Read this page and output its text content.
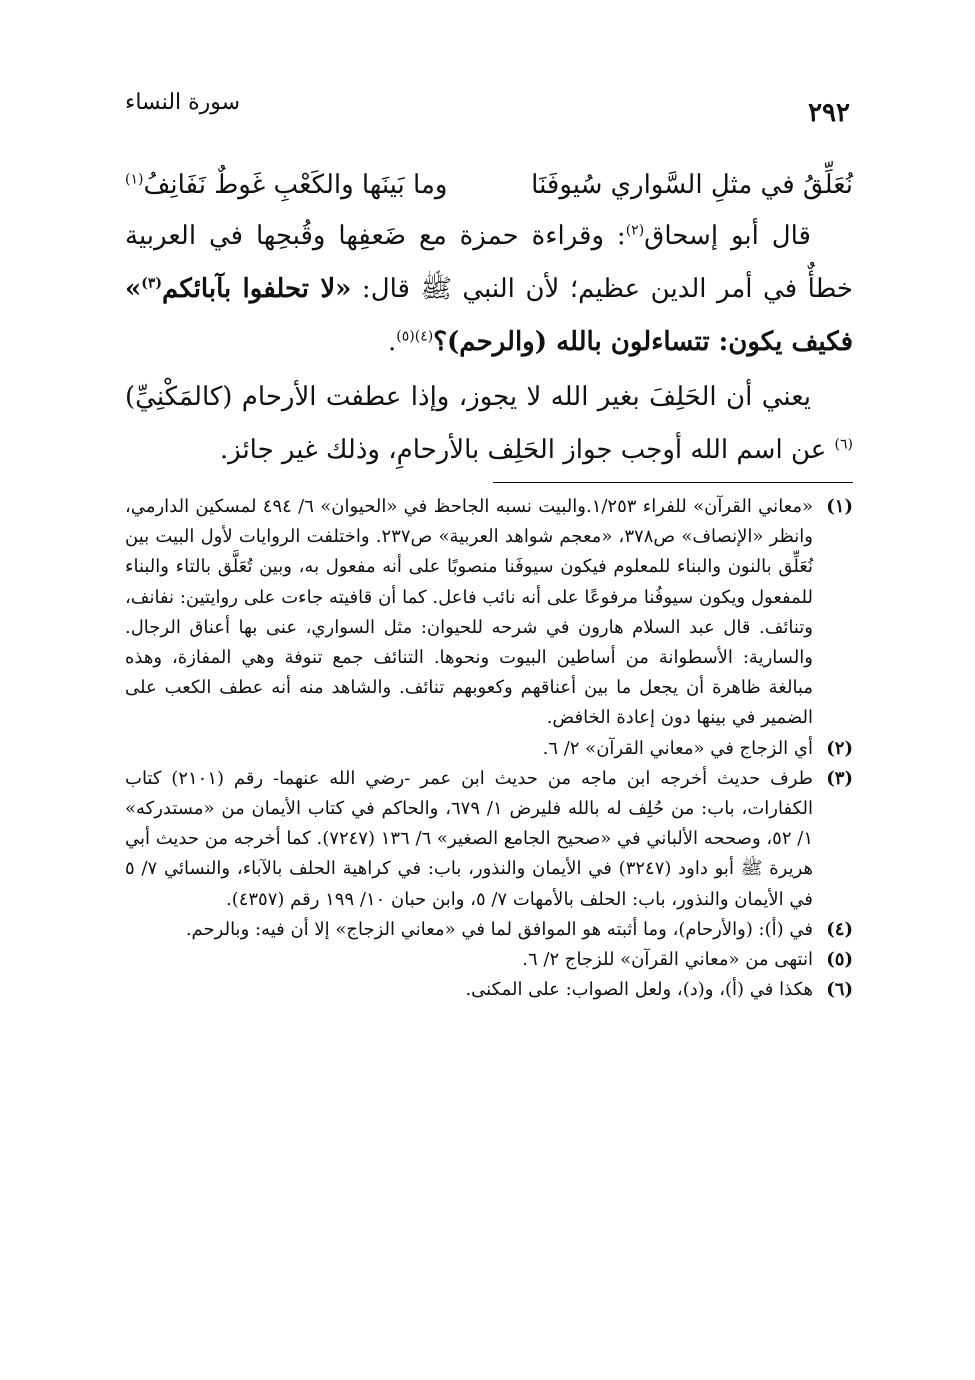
٢٩٢
سورة النساء
نُعَلِّقُ في مثلِ السَّواري سُيوفَنَا
وما بَينَها والكَعْبِ غَوطٌ نَفَانِفُ$^{(١)}$

قال أبو إسحاق$^{(٢)}$: وقراءة حمزة مع ضَعفِها وقُبحِها في العربية خطأٌ في أمر الدين عظيم؛ لأن النبي ﷺ قال: «لا تحلفوا بآبائكم$^{(٣)}$» فكيف يكون: تتساءلون بالله (والرحم)؟$^{(٤)(٥)}$.

يعني أن الحَلِفَ بغير الله لا يجوز، وإذا عطفت الأرحام (كالمَكْنِيِّ)$^{(٦)}$ عن اسم الله أوجب جواز الحَلِف بالأرحامِ، وذلك غير جائز.

(١)
«معاني القرآن» للفراء ١/٢٥٣.والبيت نسبه الجاحظ في «الحيوان» ٦/ ٤٩٤ لمسكين الدارمي، وانظر «الإنصاف» ص٣٧٨، «معجم شواهد العربية» ص٢٣٧. واختلفت الروايات لأول البيت بين نُعَلِّق بالنون والبناء للمعلوم فيكون سيوفَنا منصوبًا على أنه مفعول به، وبين تُعَلَّق بالتاء والبناء للمفعول ويكون سيوفُنا مرفوعًا على أنه نائب فاعل. كما أن قافيته جاءت على روايتين: نفانف، وتنائف. قال عبد السلام هارون في شرحه للحيوان: مثل السواري، عنى بها أعناق الرجال. والسارية: الأسطوانة من أساطين البيوت ونحوها. التنائف جمع تنوفة وهي المفازة، وهذه مبالغة ظاهرة أن يجعل ما بين أعناقهم وكعوبهم تنائف. والشاهد منه أنه عطف الكعب على الضمير في بينها دون إعادة الخافض.
(٢)
أي الزجاج في «معاني القرآن» ٢/ ٦.
(٣)
طرف حديث أخرجه ابن ماجه من حديث ابن عمر -رضي الله عنهما- رقم (٢١٠١) كتاب الكفارات، باب: من حُلِف له بالله فليرض ١/ ٦٧٩، والحاكم في كتاب الأيمان من «مستدركه» ١/ ٥٢، وصححه الألباني في «صحيح الجامع الصغير» ٦/ ١٣٦ (٧٢٤٧). كما أخرجه من حديث أبي هريرة ﷺ أبو داود (٣٢٤٧) في الأيمان والنذور، باب: في كراهية الحلف بالآباء، والنسائي ٧/ ٥ في الأيمان والنذور، باب: الحلف بالأمهات ٧/ ٥، وابن حبان ١٠/ ١٩٩ رقم (٤٣٥٧).
(٤)
في (أ): (والأرحام)، وما أثبته هو الموافق لما في «معاني الزجاج» إلا أن فيه: وبالرحم.
(٥)
انتهى من «معاني القرآن» للزجاج ٢/ ٦.
(٦)
هكذا في (أ)، و(د)، ولعل الصواب: على المكنى.
